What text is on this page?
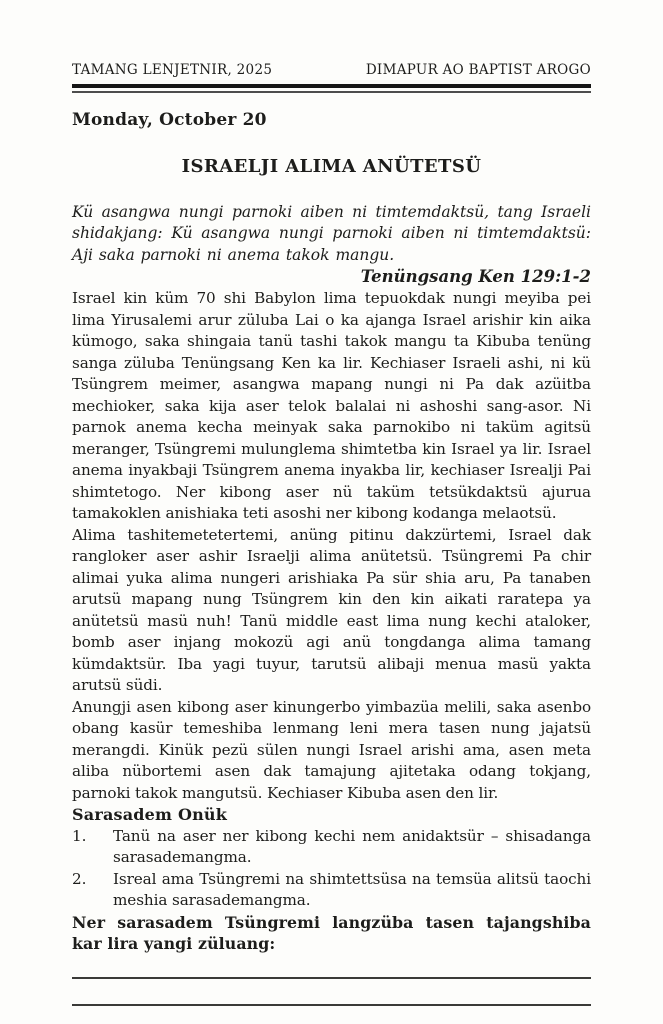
TAMANG LENJETNIR, 2025	DIMAPUR AO BAPTIST AROGO
Monday, October 20
ISRAELJI ALIMA ANÜTETSÜ
Kü asangwa nungi parnoki aiben ni timtemdaktsü, tang Israeli shidakjang: Kü asangwa nungi parnoki aiben ni timtemdaktsü: Aji saka parnoki ni anema takok mangu.
Tenüngsang Ken 129:1-2

Israel kin küm 70 shi Babylon lima tepuokdak nungi meyiba pei lima Yirusalemi arur züluba Lai o ka ajanga Israel arishir kin aika kümogo, saka shingaia tanü tashi takok mangu ta Kibuba tenüng sanga züluba Tenüngsang Ken ka lir. Kechiaser Israeli ashi, ni kü Tsüngrem meimer, asangwa mapang nungi ni Pa dak azüitba mechioker, saka kija aser telok balalai ni ashoshi sang-asor. Ni parnok anema kecha meinyak saka parnokibo ni taküm agitsü meranger, Tsüngremi mulunglema shimtetba kin Israel ya lir. Israel anema inyakbaji Tsüngrem anema inyakba lir, kechiaser Isrealji Pai shimtetogo. Ner kibong aser nü taküm tetsükdaktsü ajurua tamakoklen anishiaka teti asoshi ner kibong kodanga melaotsü.

Alima tashitemetetertemi, anüng pitinu dakzürtemi, Israel dak rangloker aser ashir Israelji alima anütetsü. Tsüngremi Pa chir alimai yuka alima nungeri arishiaka Pa sür shia aru, Pa tanaben arutsü mapang nung Tsüngrem kin den kin aikati raratepa ya anütetsü masü nuh! Tanü middle east lima nung kechi ataloker, bomb aser injang mokozü agi anü tongdanga alima tamang kümdaktsür. Iba yagi tuyur, tarutsü alibaji menua masü yakta arutsü südi.

Anungji asen kibong aser kinungerbo yimbazüa melili, saka asenbo obang kasür temeshiba lenmang leni mera tasen nung jajatsü merangdi. Kinük pezü sülen nungi Israel arishi ama, asen meta aliba nübortemi asen dak tamajung ajitetaka odang tokjang, parnoki takok mangutsü. Kechiaser Kibuba asen den lir.

Sarasadem Onük
1. Tanü na aser ner kibong kechi nem anidaktsür – shisadanga sarasademangma.
2. Isreal ama Tsüngremi na shimtettsüsa na temsüa alitsü taochi meshia sarasademangma.
Ner sarasadem Tsüngremi langzüba tasen tajangshiba kar lira yangi züluang:
